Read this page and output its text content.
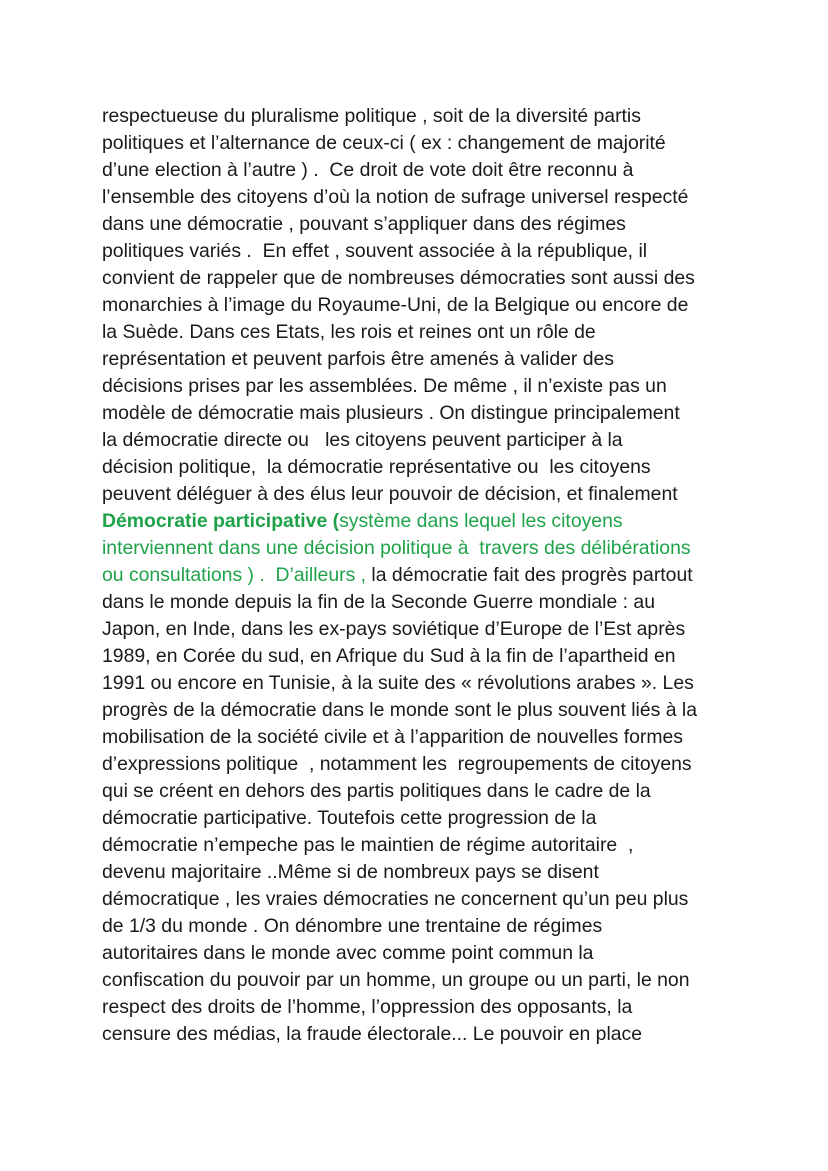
respectueuse du pluralisme politique , soit de la diversité partis
politiques et l’alternance de ceux-ci ( ex : changement de majorité
d’une election à l’autre ) .  Ce droit de vote doit être reconnu à
l’ensemble des citoyens d’où la notion de sufrage universel respecté
dans une démocratie , pouvant s’appliquer dans des régimes
politiques variés .  En effet , souvent associée à la république, il
convient de rappeler que de nombreuses démocraties sont aussi des
monarchies à l’image du Royaume-Uni, de la Belgique ou encore de
la Suède. Dans ces Etats, les rois et reines ont un rôle de
représentation et peuvent parfois être amenés à valider des
décisions prises par les assemblées. De même , il n’existe pas un
modèle de démocratie mais plusieurs . On distingue principalement
la démocratie directe ou   les citoyens peuvent participer à la
décision politique,  la démocratie représentative ou  les citoyens
peuvent déléguer à des élus leur pouvoir de décision, et finalement
Démocratie participative (système dans lequel les citoyens
interviennent dans une décision politique à  travers des délibérations
ou consultations ) .  D’ailleurs , la démocratie fait des progrès partout
dans le monde depuis la fin de la Seconde Guerre mondiale : au
Japon, en Inde, dans les ex-pays soviétique d’Europe de l’Est après
1989, en Corée du sud, en Afrique du Sud à la fin de l’apartheid en
1991 ou encore en Tunisie, à la suite des « révolutions arabes ». Les
progrès de la démocratie dans le monde sont le plus souvent liés à la
mobilisation de la société civile et à l’apparition de nouvelles formes
d’expressions politique  , notamment les  regroupements de citoyens
qui se créent en dehors des partis politiques dans le cadre de la
démocratie participative. Toutefois cette progression de la
démocratie n’empeche pas le maintien de régime autoritaire  ,
devenu majoritaire ..Même si de nombreux pays se disent
démocratique , les vraies démocraties ne concernent qu’un peu plus
de 1/3 du monde . On dénombre une trentaine de régimes
autoritaires dans le monde avec comme point commun la
confiscation du pouvoir par un homme, un groupe ou un parti, le non
respect des droits de l’homme, l’oppression des opposants, la
censure des médias, la fraude électorale... Le pouvoir en place
